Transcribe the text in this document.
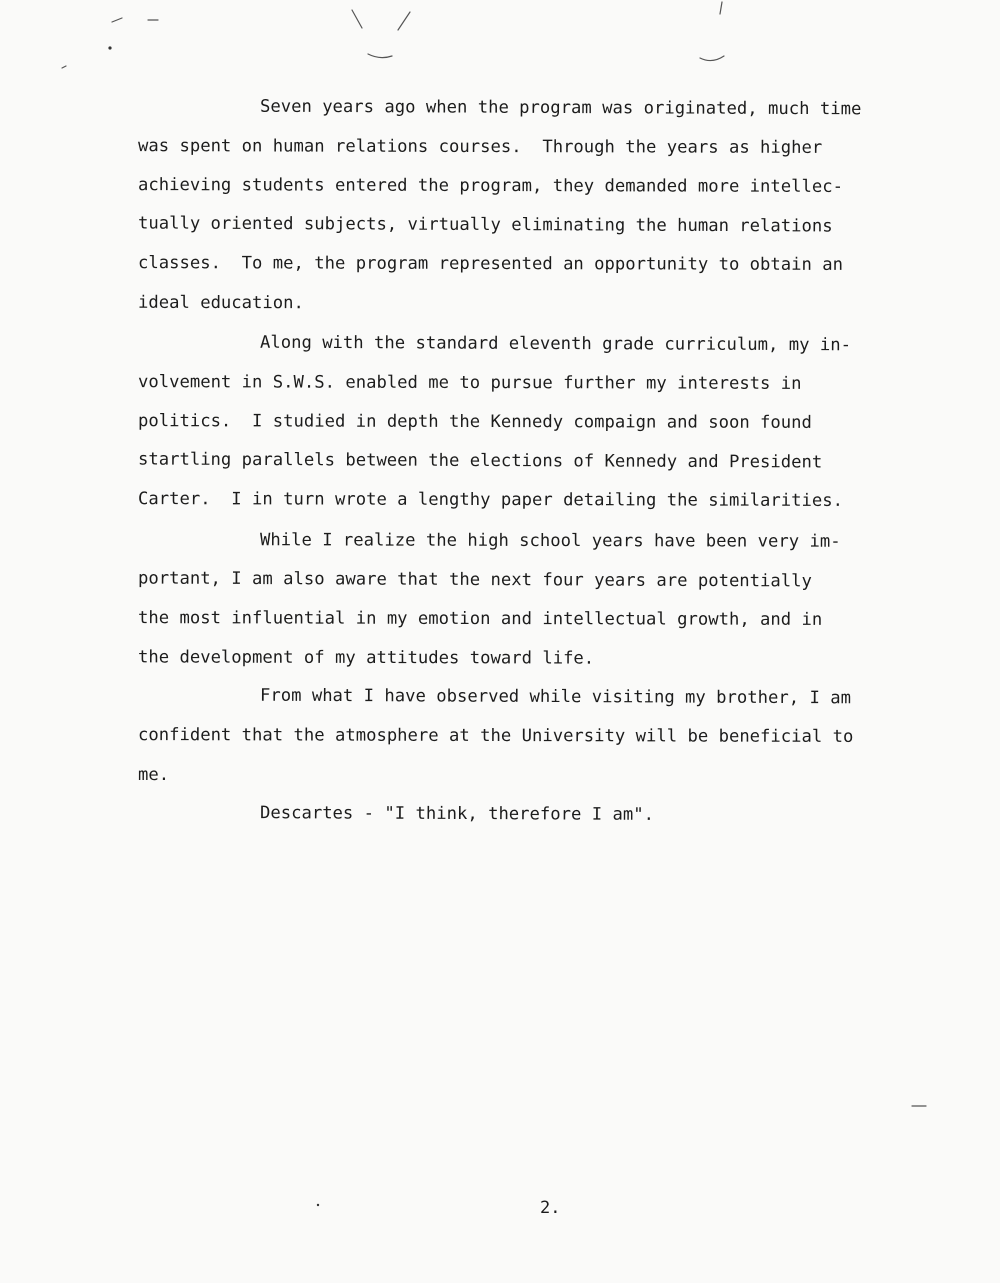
Seven years ago when the program was originated, much time
was spent on human relations courses.  Through the years as higher
achieving students entered the program, they demanded more intellec-
tually oriented subjects, virtually eliminating the human relations
classes.  To me, the program represented an opportunity to obtain an
ideal education.
Along with the standard eleventh grade curriculum, my in-
volvement in S.W.S. enabled me to pursue further my interests in
politics.  I studied in depth the Kennedy compaign and soon found
startling parallels between the elections of Kennedy and President
Carter.  I in turn wrote a lengthy paper detailing the similarities.
While I realize the high school years have been very im-
portant, I am also aware that the next four years are potentially
the most influential in my emotion and intellectual growth, and in
the development of my attitudes toward life.
From what I have observed while visiting my brother, I am
confident that the atmosphere at the University will be beneficial to
me.
Descartes - "I think, therefore I am".
2.
